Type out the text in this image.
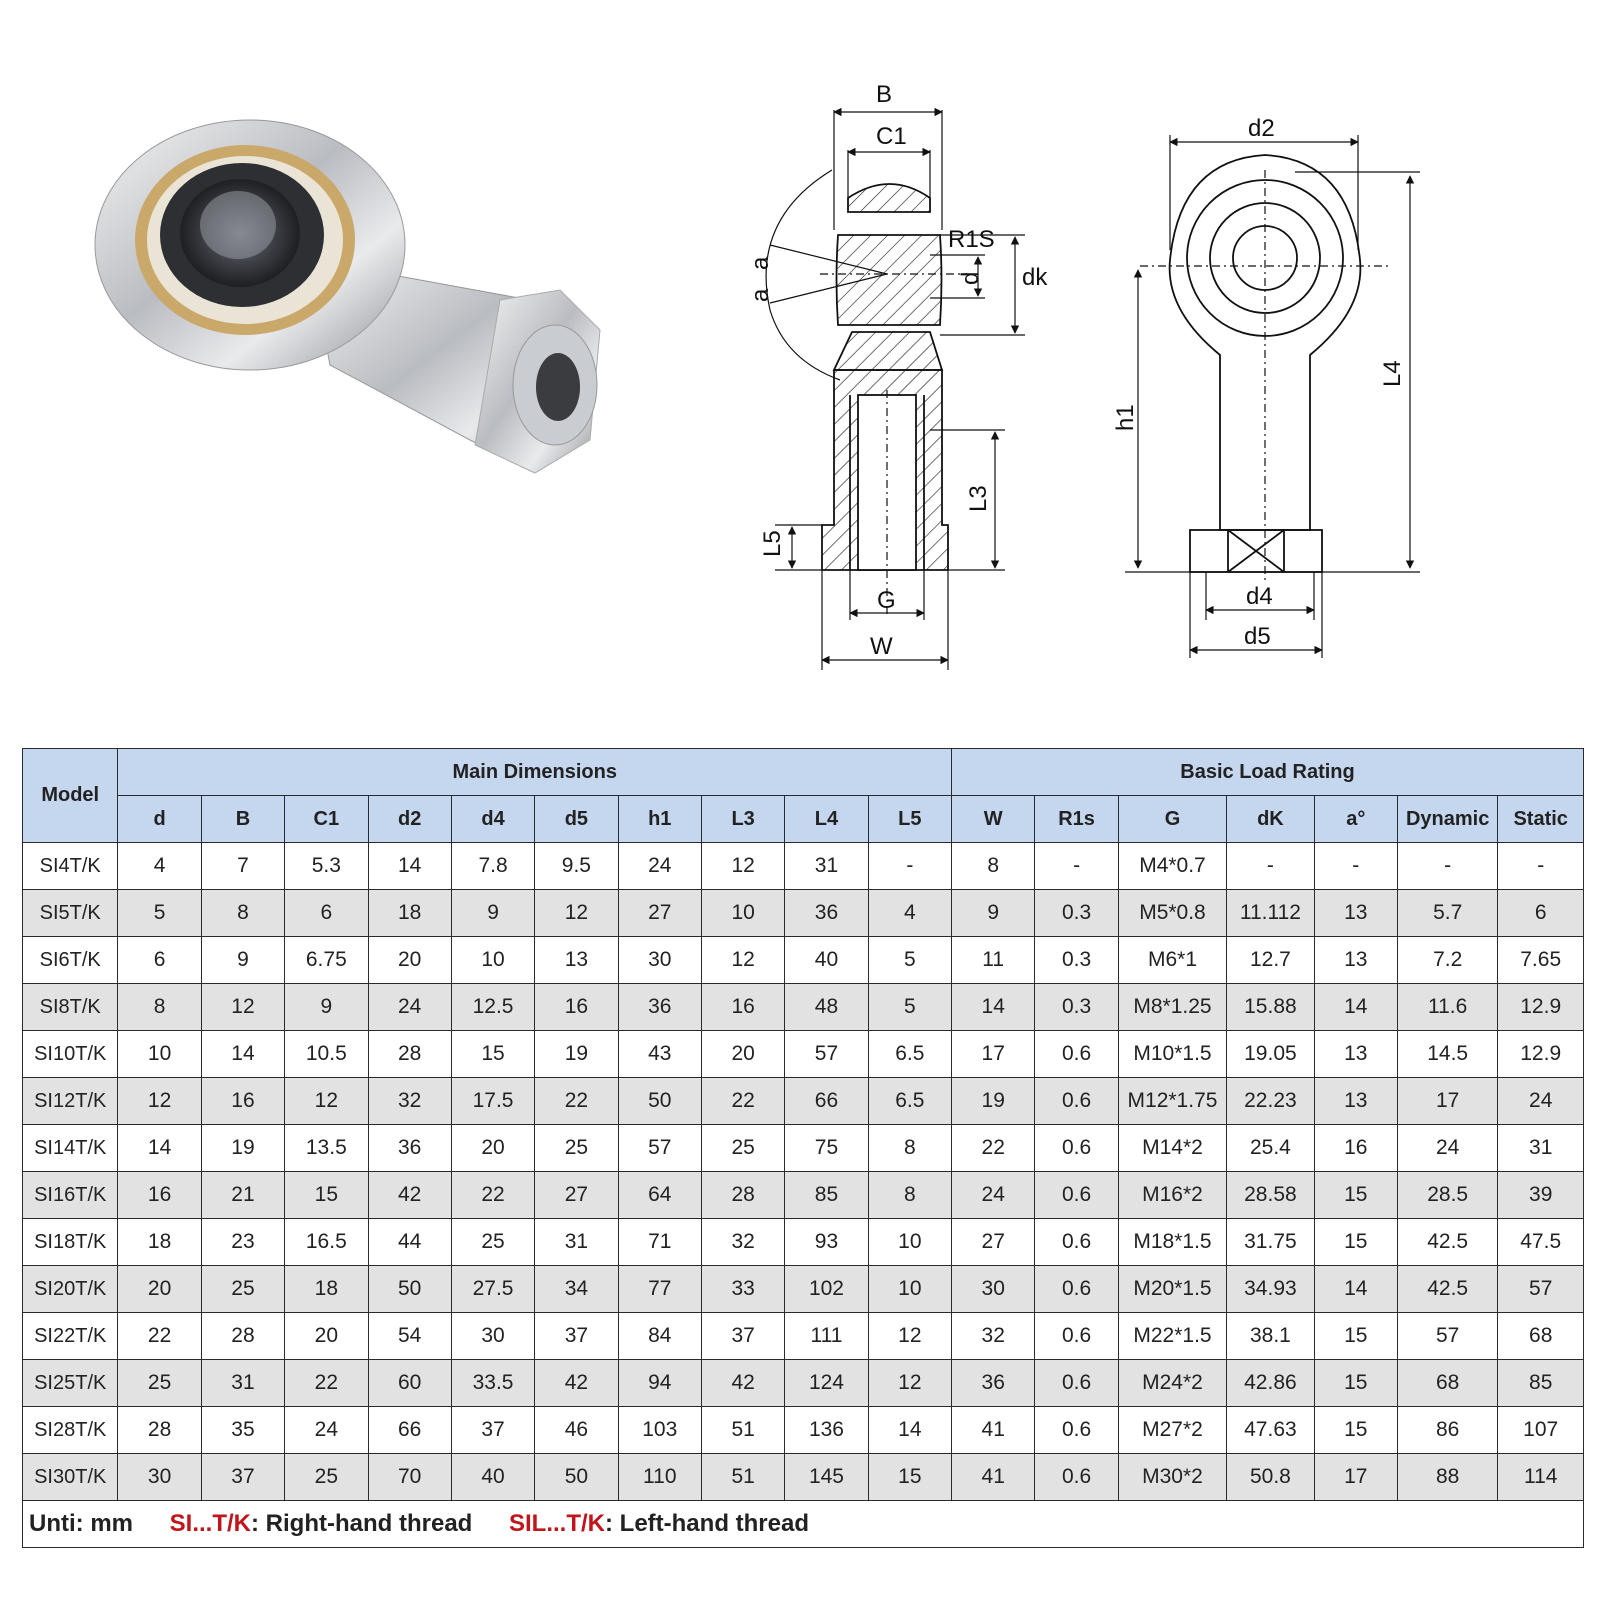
B
C1
R1S
d dk
a
a
L3
L5
G
W
d2
L4
h1
d4
d5
Model	Main Dimensions										Basic Load Rating						
	d	B	C1	d2	d4	d5	h1	L3	L4	L5	W	R1s	G	dK	a°	Dynamic	Static
SI4T/K	4	7	5.3	14	7.8	9.5	24	12	31	-	8	-	M4*0.7	-	-	-	-
SI5T/K	5	8	6	18	9	12	27	10	36	4	9	0.3	M5*0.8	11.112	13	5.7	6
SI6T/K	6	9	6.75	20	10	13	30	12	40	5	11	0.3	M6*1	12.7	13	7.2	7.65
SI8T/K	8	12	9	24	12.5	16	36	16	48	5	14	0.3	M8*1.25	15.88	14	11.6	12.9
SI10T/K	10	14	10.5	28	15	19	43	20	57	6.5	17	0.6	M10*1.5	19.05	13	14.5	12.9
SI12T/K	12	16	12	32	17.5	22	50	22	66	6.5	19	0.6	M12*1.75	22.23	13	17	24
SI14T/K	14	19	13.5	36	20	25	57	25	75	8	22	0.6	M14*2	25.4	16	24	31
SI16T/K	16	21	15	42	22	27	64	28	85	8	24	0.6	M16*2	28.58	15	28.5	39
SI18T/K	18	23	16.5	44	25	31	71	32	93	10	27	0.6	M18*1.5	31.75	15	42.5	47.5
SI20T/K	20	25	18	50	27.5	34	77	33	102	10	30	0.6	M20*1.5	34.93	14	42.5	57
SI22T/K	22	28	20	54	30	37	84	37	111	12	32	0.6	M22*1.5	38.1	15	57	68
SI25T/K	25	31	22	60	33.5	42	94	42	124	12	36	0.6	M24*2	42.86	15	68	85
SI28T/K	28	35	24	66	37	46	103	51	136	14	41	0.6	M27*2	47.63	15	86	107
SI30T/K	30	37	25	70	40	50	110	51	145	15	41	0.6	M30*2	50.8	17	88	114
Unti: mm SI...T/K: Right-hand thread SIL...T/K: Left-hand thread																	
